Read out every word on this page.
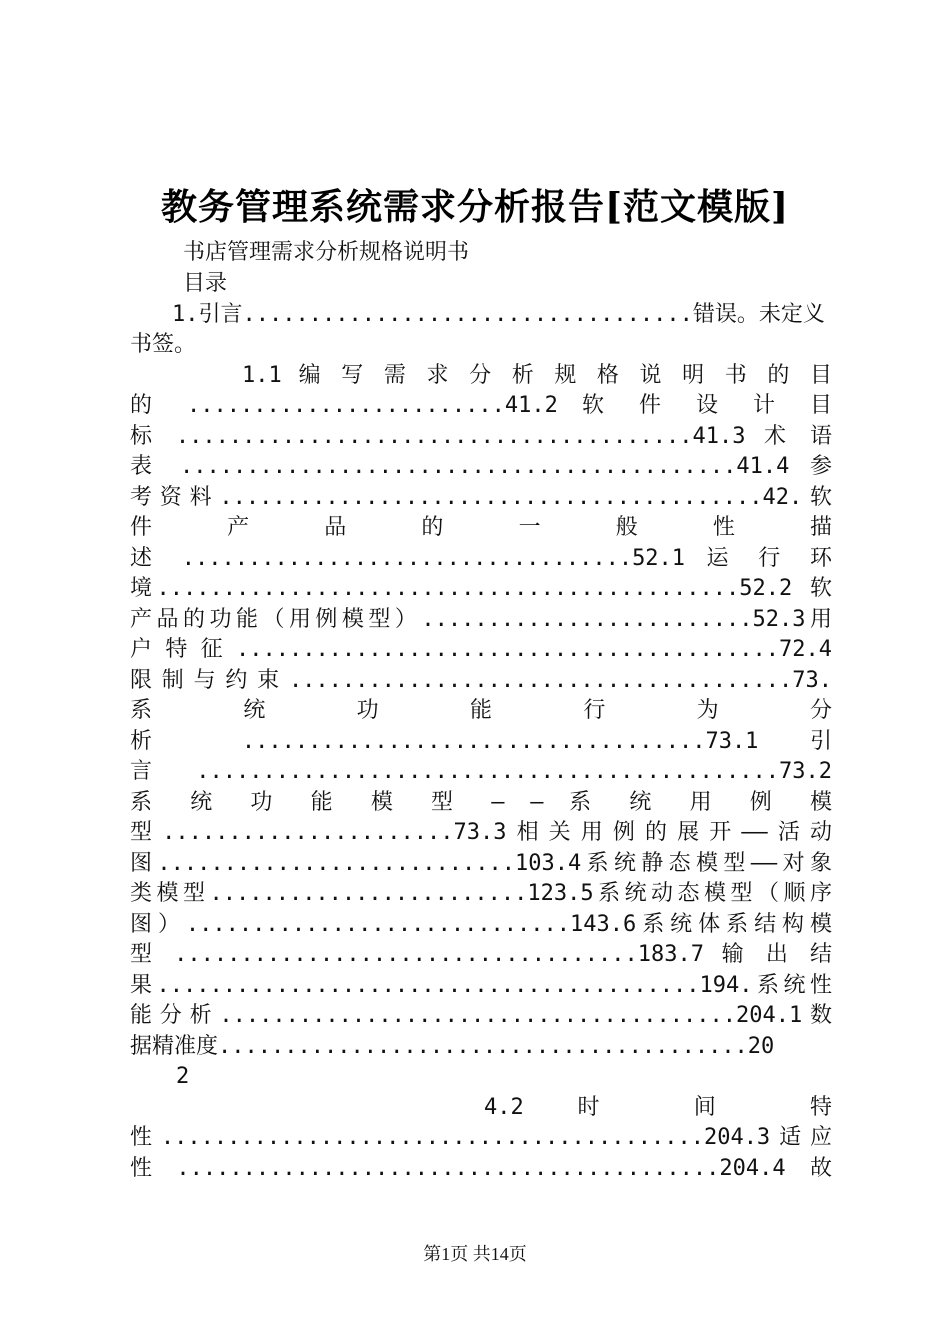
教务管理系统需求分析报告[范文模版]
书店管理需求分析规格说明书
目录
1.引言..................................错误。未定义
书签。
1.1 编 写 需 求 分 析 规 格 说 明 书 的 目
的 ........................41.2 软 件 设 计 目
标 .......................................41.3 术 语
表 ..........................................41.4 参
考资料.........................................42.软
件 产 品 的 一 般 性 描
述 ..................................52.1 运 行 环
境............................................52.2 软
产品的功能（用例模型）.........................52.3用
户特征.........................................72.4
限制与约束......................................73.
系 统 功 能 行 为 分
析 ...................................73.1 引
言 ............................................73.2
系 统 功 能 模 型 — — 系 统 用 例 模
型......................73.3相关用例的展开——活动
图...........................103.4系统静态模型——对象
类模型........................123.5系统动态模型（顺序
图）.............................143.6系统体系结构模
型 ...................................183.7 输 出 结
果.........................................194.系统性
能分析.......................................204.1数
据精准度........................................20
2
4.2 时 间 特
性.........................................204.3适应
性.........................................204.4故
第1页 共14页
